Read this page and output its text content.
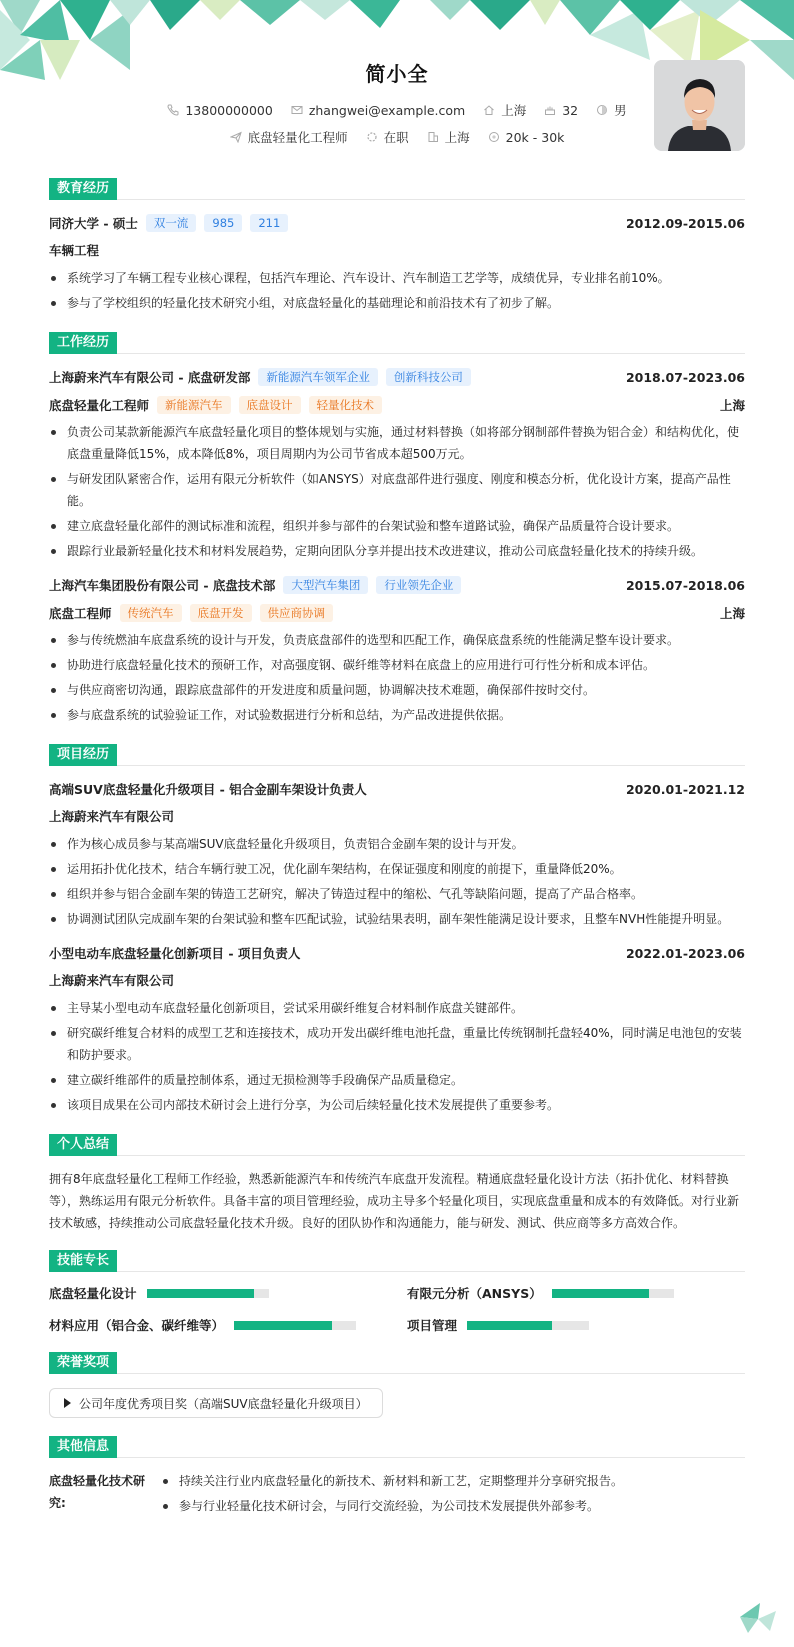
简小全
13800000000	zhangwei@example.com	上海	32	男
底盘轻量化工程师	在职	上海	20k - 30k
教育经历
同济大学 - 硕士	双一流	985	211	2012.09-2015.06
车辆工程
系统学习了车辆工程专业核心课程，包括汽车理论、汽车设计、汽车制造工艺学等，成绩优异，专业排名前10%。
参与了学校组织的轻量化技术研究小组，对底盘轻量化的基础理论和前沿技术有了初步了解。
工作经历
上海蔚来汽车有限公司 - 底盘研发部	新能源汽车领军企业	创新科技公司	2018.07-2023.06
底盘轻量化工程师	新能源汽车	底盘设计	轻量化技术	上海
负责公司某款新能源汽车底盘轻量化项目的整体规划与实施，通过材料替换（如将部分钢制部件替换为铝合金）和结构优化，使底盘重量降低15%，成本降低8%，项目周期内为公司节省成本超500万元。
与研发团队紧密合作，运用有限元分析软件（如ANSYS）对底盘部件进行强度、刚度和模态分析，优化设计方案，提高产品性能。
建立底盘轻量化部件的测试标准和流程，组织并参与部件的台架试验和整车道路试验，确保产品质量符合设计要求。
跟踪行业最新轻量化技术和材料发展趋势，定期向团队分享并提出技术改进建议，推动公司底盘轻量化技术的持续升级。
上海汽车集团股份有限公司 - 底盘技术部	大型汽车集团	行业领先企业	2015.07-2018.06
底盘工程师	传统汽车	底盘开发	供应商协调	上海
参与传统燃油车底盘系统的设计与开发，负责底盘部件的选型和匹配工作，确保底盘系统的性能满足整车设计要求。
协助进行底盘轻量化技术的预研工作，对高强度钢、碳纤维等材料在底盘上的应用进行可行性分析和成本评估。
与供应商密切沟通，跟踪底盘部件的开发进度和质量问题，协调解决技术难题，确保部件按时交付。
参与底盘系统的试验验证工作，对试验数据进行分析和总结，为产品改进提供依据。
项目经历
高端SUV底盘轻量化升级项目 - 铝合金副车架设计负责人	2020.01-2021.12
上海蔚来汽车有限公司
作为核心成员参与某高端SUV底盘轻量化升级项目，负责铝合金副车架的设计与开发。
运用拓扑优化技术，结合车辆行驶工况，优化副车架结构，在保证强度和刚度的前提下，重量降低20%。
组织并参与铝合金副车架的铸造工艺研究，解决了铸造过程中的缩松、气孔等缺陷问题，提高了产品合格率。
协调测试团队完成副车架的台架试验和整车匹配试验，试验结果表明，副车架性能满足设计要求，且整车NVH性能提升明显。
小型电动车底盘轻量化创新项目 - 项目负责人	2022.01-2023.06
上海蔚来汽车有限公司
主导某小型电动车底盘轻量化创新项目，尝试采用碳纤维复合材料制作底盘关键部件。
研究碳纤维复合材料的成型工艺和连接技术，成功开发出碳纤维电池托盘，重量比传统钢制托盘轻40%，同时满足电池包的安装和防护要求。
建立碳纤维部件的质量控制体系，通过无损检测等手段确保产品质量稳定。
该项目成果在公司内部技术研讨会上进行分享，为公司后续轻量化技术发展提供了重要参考。
个人总结

拥有8年底盘轻量化工程师工作经验，熟悉新能源汽车和传统汽车底盘开发流程。精通底盘轻量化设计方法（拓扑优化、材料替换等），熟练运用有限元分析软件。具备丰富的项目管理经验，成功主导多个轻量化项目，实现底盘重量和成本的有效降低。对行业新技术敏感，持续推动公司底盘轻量化技术升级。良好的团队协作和沟通能力，能与研发、测试、供应商等多方高效合作。

技能专长
底盘轻量化设计	有限元分析（ANSYS）
材料应用（铝合金、碳纤维等）	项目管理
荣誉奖项
公司年度优秀项目奖（高端SUV底盘轻量化升级项目）
其他信息
底盘轻量化技术研究:
持续关注行业内底盘轻量化的新技术、新材料和新工艺，定期整理并分享研究报告。
参与行业轻量化技术研讨会，与同行交流经验，为公司技术发展提供外部参考。
